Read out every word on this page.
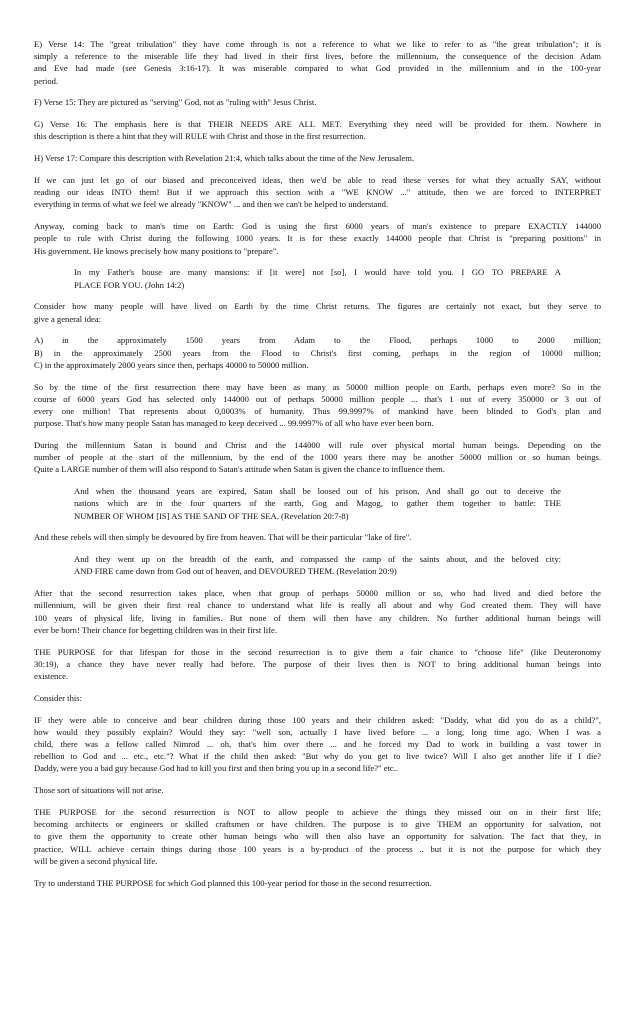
E) Verse 14: The "great tribulation" they have come through is not a reference to what we like to refer to as "the great tribulation"; it is
simply a reference to the miserable life they had lived in their first lives, before the millennium, the consequence of the decision Adam
and Eve had made (see Genesis 3:16-17). It was miserable compared to what God provided in the millennium and in the 100-year
period.
F) Verse 15: They are pictured as "serving" God, not as "ruling with" Jesus Christ.
G) Verse 16: The emphasis here is that THEIR NEEDS ARE ALL MET. Everything they need will be provided for them. Nowhere in
this description is there a hint that they will RULE with Christ and those in the first resurrection.
H) Verse 17: Compare this description with Revelation 21:4, which talks about the time of the New Jerusalem.
If we can just let go of our biased and preconceived ideas, then we'd be able to read these verses for what they actually SAY, without
reading our ideas INTO them! But if we approach this section with a "WE KNOW ..." attitude, then we are forced to INTERPRET
everything in terms of what we feel we already "KNOW" ... and then we can't be helped to understand.
Anyway, coming back to man's time on Earth: God is using the first 6000 years of man's existence to prepare EXACTLY 144000
people to rule with Christ during the following 1000 years. It is for these exactly 144000 people that Christ is "preparing positions" in
His government. He knows precisely how many positions to "prepare".
In my Father's house are many mansions: if [it were] not [so], I would have told you. I GO TO PREPARE A
PLACE FOR YOU. (John 14:2)
Consider how many people will have lived on Earth by the time Christ returns. The figures are certainly not exact, but they serve to
give a general idea:
A) in the approximately 1500 years from Adam to the Flood, perhaps 1000 to 2000 million;
B) in the approximately 2500 years from the Flood to Christ's first coming, perhaps in the region of 10000 million;
C) in the approximately 2000 years since then, perhaps 40000 to 50000 million.
So by the time of the first resurrection there may have been as many as 50000 million people on Earth, perhaps even more? So in the
course of 6000 years God has selected only 144000 out of perhaps 50000 million people ... that's 1 out of every 350000 or 3 out of
every one million! That represents about 0,0003% of humanity. Thus 99.9997% of mankind have been blinded to God's plan and
purpose. That's how many people Satan has managed to keep deceived ... 99.9997% of all who have ever been born.
During the millennium Satan is bound and Christ and the 144000 will rule over physical mortal human beings. Depending on the
number of people at the start of the millennium, by the end of the 1000 years there may be another 50000 million or so human beings.
Quite a LARGE number of them will also respond to Satan's attitude when Satan is given the chance to influence them.
And when the thousand years are expired, Satan shall be loosed out of his prison, And shall go out to deceive the
nations which are in the four quarters of the earth, Gog and Magog, to gather them together to battle: THE
NUMBER OF WHOM [IS] AS THE SAND OF THE SEA. (Revelation 20:7-8)
And these rebels will then simply be devoured by fire from heaven. That will be their particular "lake of fire".
And they went up on the breadth of the earth, and compassed the camp of the saints about, and the beloved city:
AND FIRE came down from God out of heaven, and DEVOURED THEM. (Revelation 20:9)
After that the second resurrection takes place, when that group of perhaps 50000 million or so, who had lived and died before the
millennium, will be given their first real chance to understand what life is really all about and why God created them. They will have
100 years of physical life, living in families. But none of them will then have any children. No further additional human beings will
ever be born! Their chance for begetting children was in their first life.
THE PURPOSE for that lifespan for those in the second resurrection is to give them a fair chance to "choose life" (like Deuteronomy
30:19), a chance they have never really had before. The purpose of their lives then is NOT to bring additional human beings into
existence.
Consider this:
IF they were able to conceive and bear children during those 100 years and their children asked: "Daddy, what did you do as a child?",
how would they possibly explain? Would they say: "well son, actually I have lived before ... a long, long time ago. When I was a
child, there was a fellow called Nimrod ... oh, that's him over there ... and he forced my Dad to work in building a vast tower in
rebellion to God and ... etc., etc."? What if the child then asked: "But why do you get to live twice? Will I also get another life if I die?
Daddy, were you a bad guy because God had to kill you first and then bring you up in a second life?" etc..
Those sort of situations will not arise.
THE PURPOSE for the second resurrection is NOT to allow people to achieve the things they missed out on in their first life;
becoming architects or engineers or skilled craftsmen or have children. The purpose is to give THEM an opportunity for salvation, not
to give them the opportunity to create other human beings who will then also have an opportunity for salvation. The fact that they, in
practice, WILL achieve certain things during those 100 years is a by-product of the process .. but it is not the purpose for which they
will be given a second physical life.
Try to understand THE PURPOSE for which God planned this 100-year period for those in the second resurrection.
